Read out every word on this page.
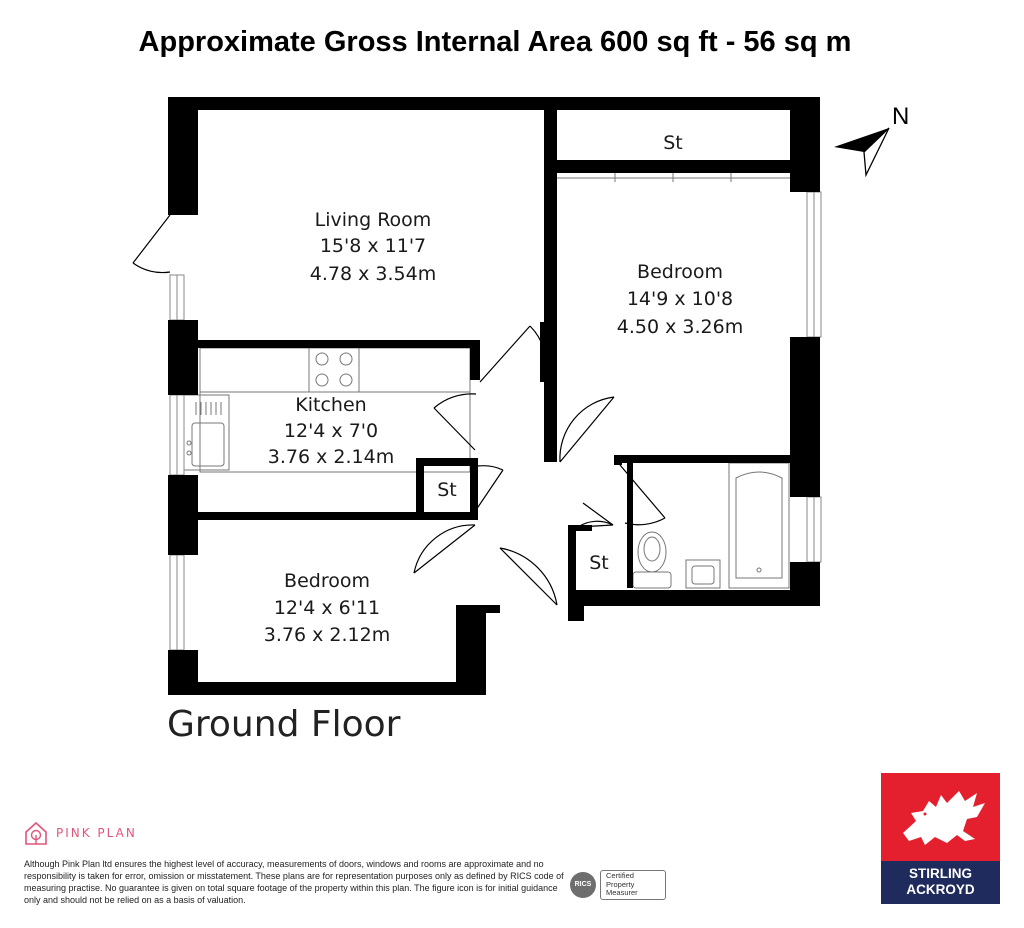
Approximate Gross Internal Area 600 sq ft - 56 sq m
N
Living Room
15'8 x 11'7
4.78 x 3.54m	Bedroom
14'9 x 10'8
4.50 x 3.26m
Kitchen
12'4 x 7'0
3.76 x 2.14m
Bedroom
12'4 x 6'11
3.76 x 2.12m
St
St
St
Ground Floor
PINK PLAN
Although Pink Plan ltd ensures the highest level of accuracy, measurements of doors, windows and rooms are approximate and no responsibility is taken for error, omission or misstatement. These plans are for representation purposes only as defined by RICS code of measuring practise. No guarantee is given on total square footage of the property within this plan. The figure icon is for initial guidance only and should not be relied on as a basis of valuation.
RICS
Certified Property Measurer
STIRLING
ACKROYD
